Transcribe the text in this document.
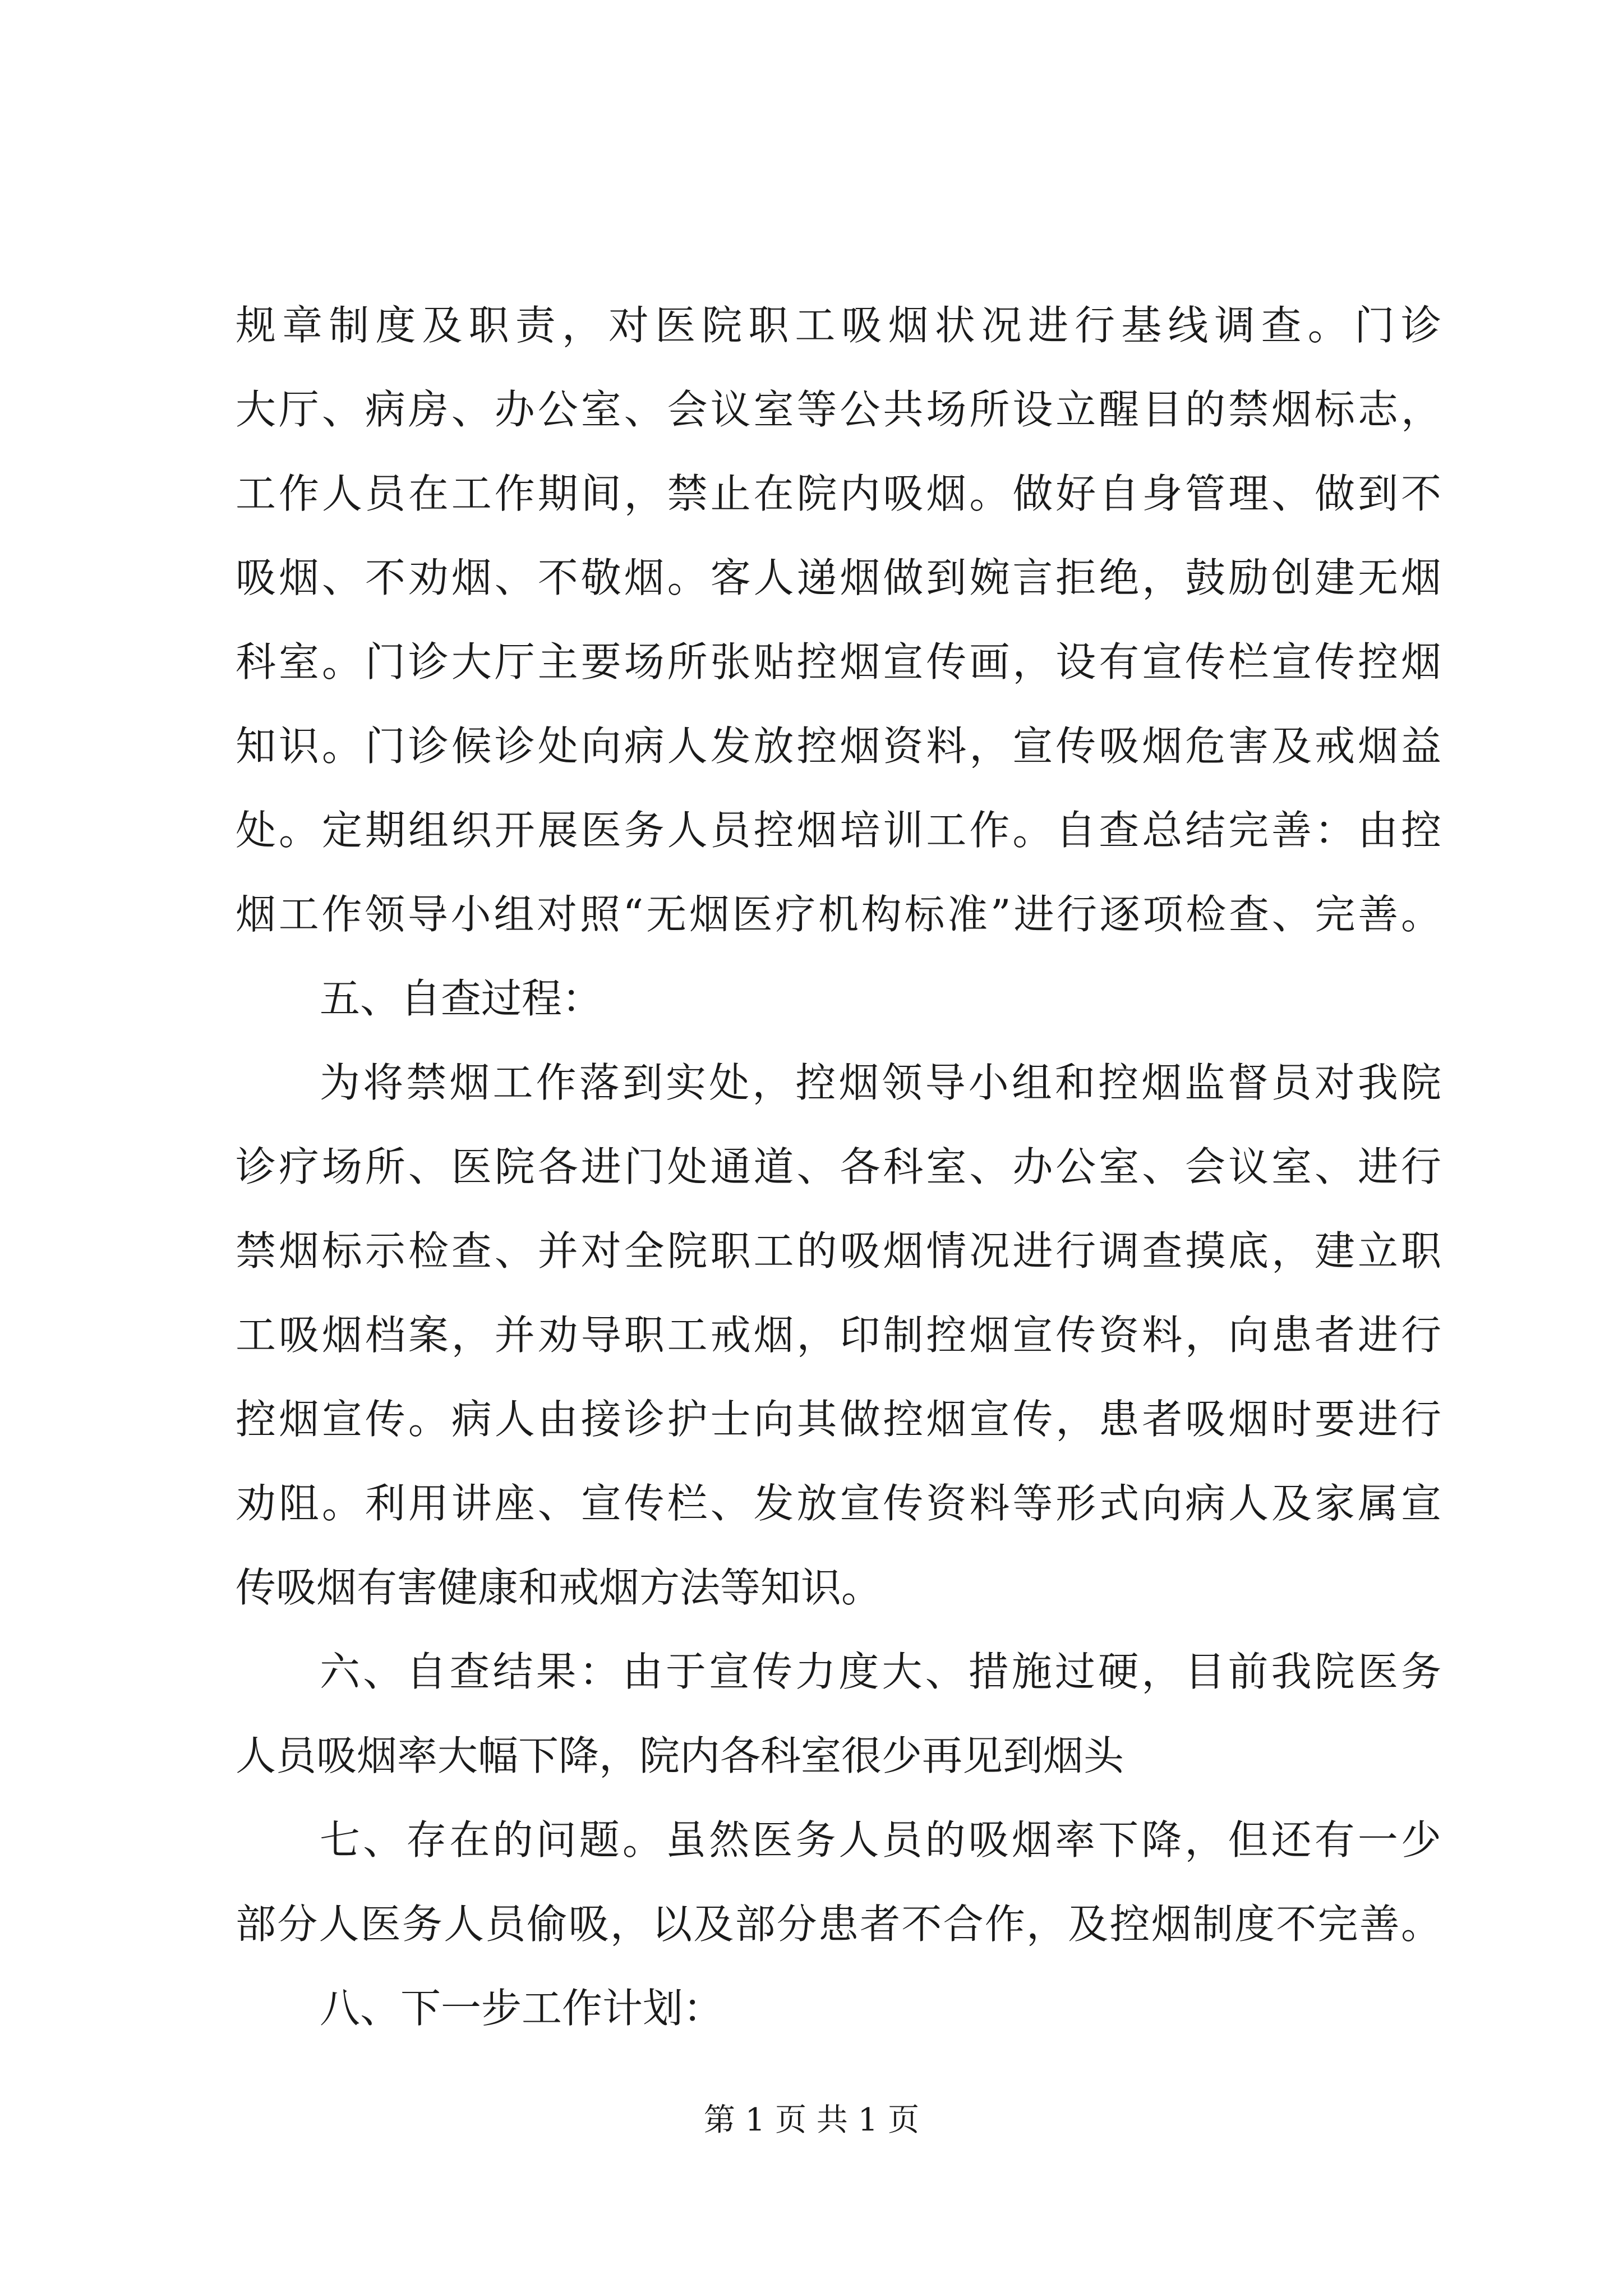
规章制度及职责，对医院职工吸烟状况进行基线调查。门诊
大厅、病房、办公室、会议室等公共场所设立醒目的禁烟标志，
工作人员在工作期间，禁止在院内吸烟。做好自身管理、做到不
吸烟、不劝烟、不敬烟。客人递烟做到婉言拒绝，鼓励创建无烟
科室。门诊大厅主要场所张贴控烟宣传画，设有宣传栏宣传控烟
知识。门诊候诊处向病人发放控烟资料，宣传吸烟危害及戒烟益
处。定期组织开展医务人员控烟培训工作。自查总结完善：由控
烟工作领导小组对照“无烟医疗机构标准”进行逐项检查、完善。
五、自查过程：
为将禁烟工作落到实处，控烟领导小组和控烟监督员对我院
诊疗场所、医院各进门处通道、各科室、办公室、会议室、进行
禁烟标示检查、并对全院职工的吸烟情况进行调查摸底，建立职
工吸烟档案，并劝导职工戒烟，印制控烟宣传资料，向患者进行
控烟宣传。病人由接诊护士向其做控烟宣传，患者吸烟时要进行
劝阻。利用讲座、宣传栏、发放宣传资料等形式向病人及家属宣
传吸烟有害健康和戒烟方法等知识。
六、自查结果：由于宣传力度大、措施过硬，目前我院医务
人员吸烟率大幅下降，院内各科室很少再见到烟头
七、存在的问题。虽然医务人员的吸烟率下降，但还有一少
部分人医务人员偷吸，以及部分患者不合作，及控烟制度不完善。
八、下一步工作计划：
第 1 页 共 1 页
